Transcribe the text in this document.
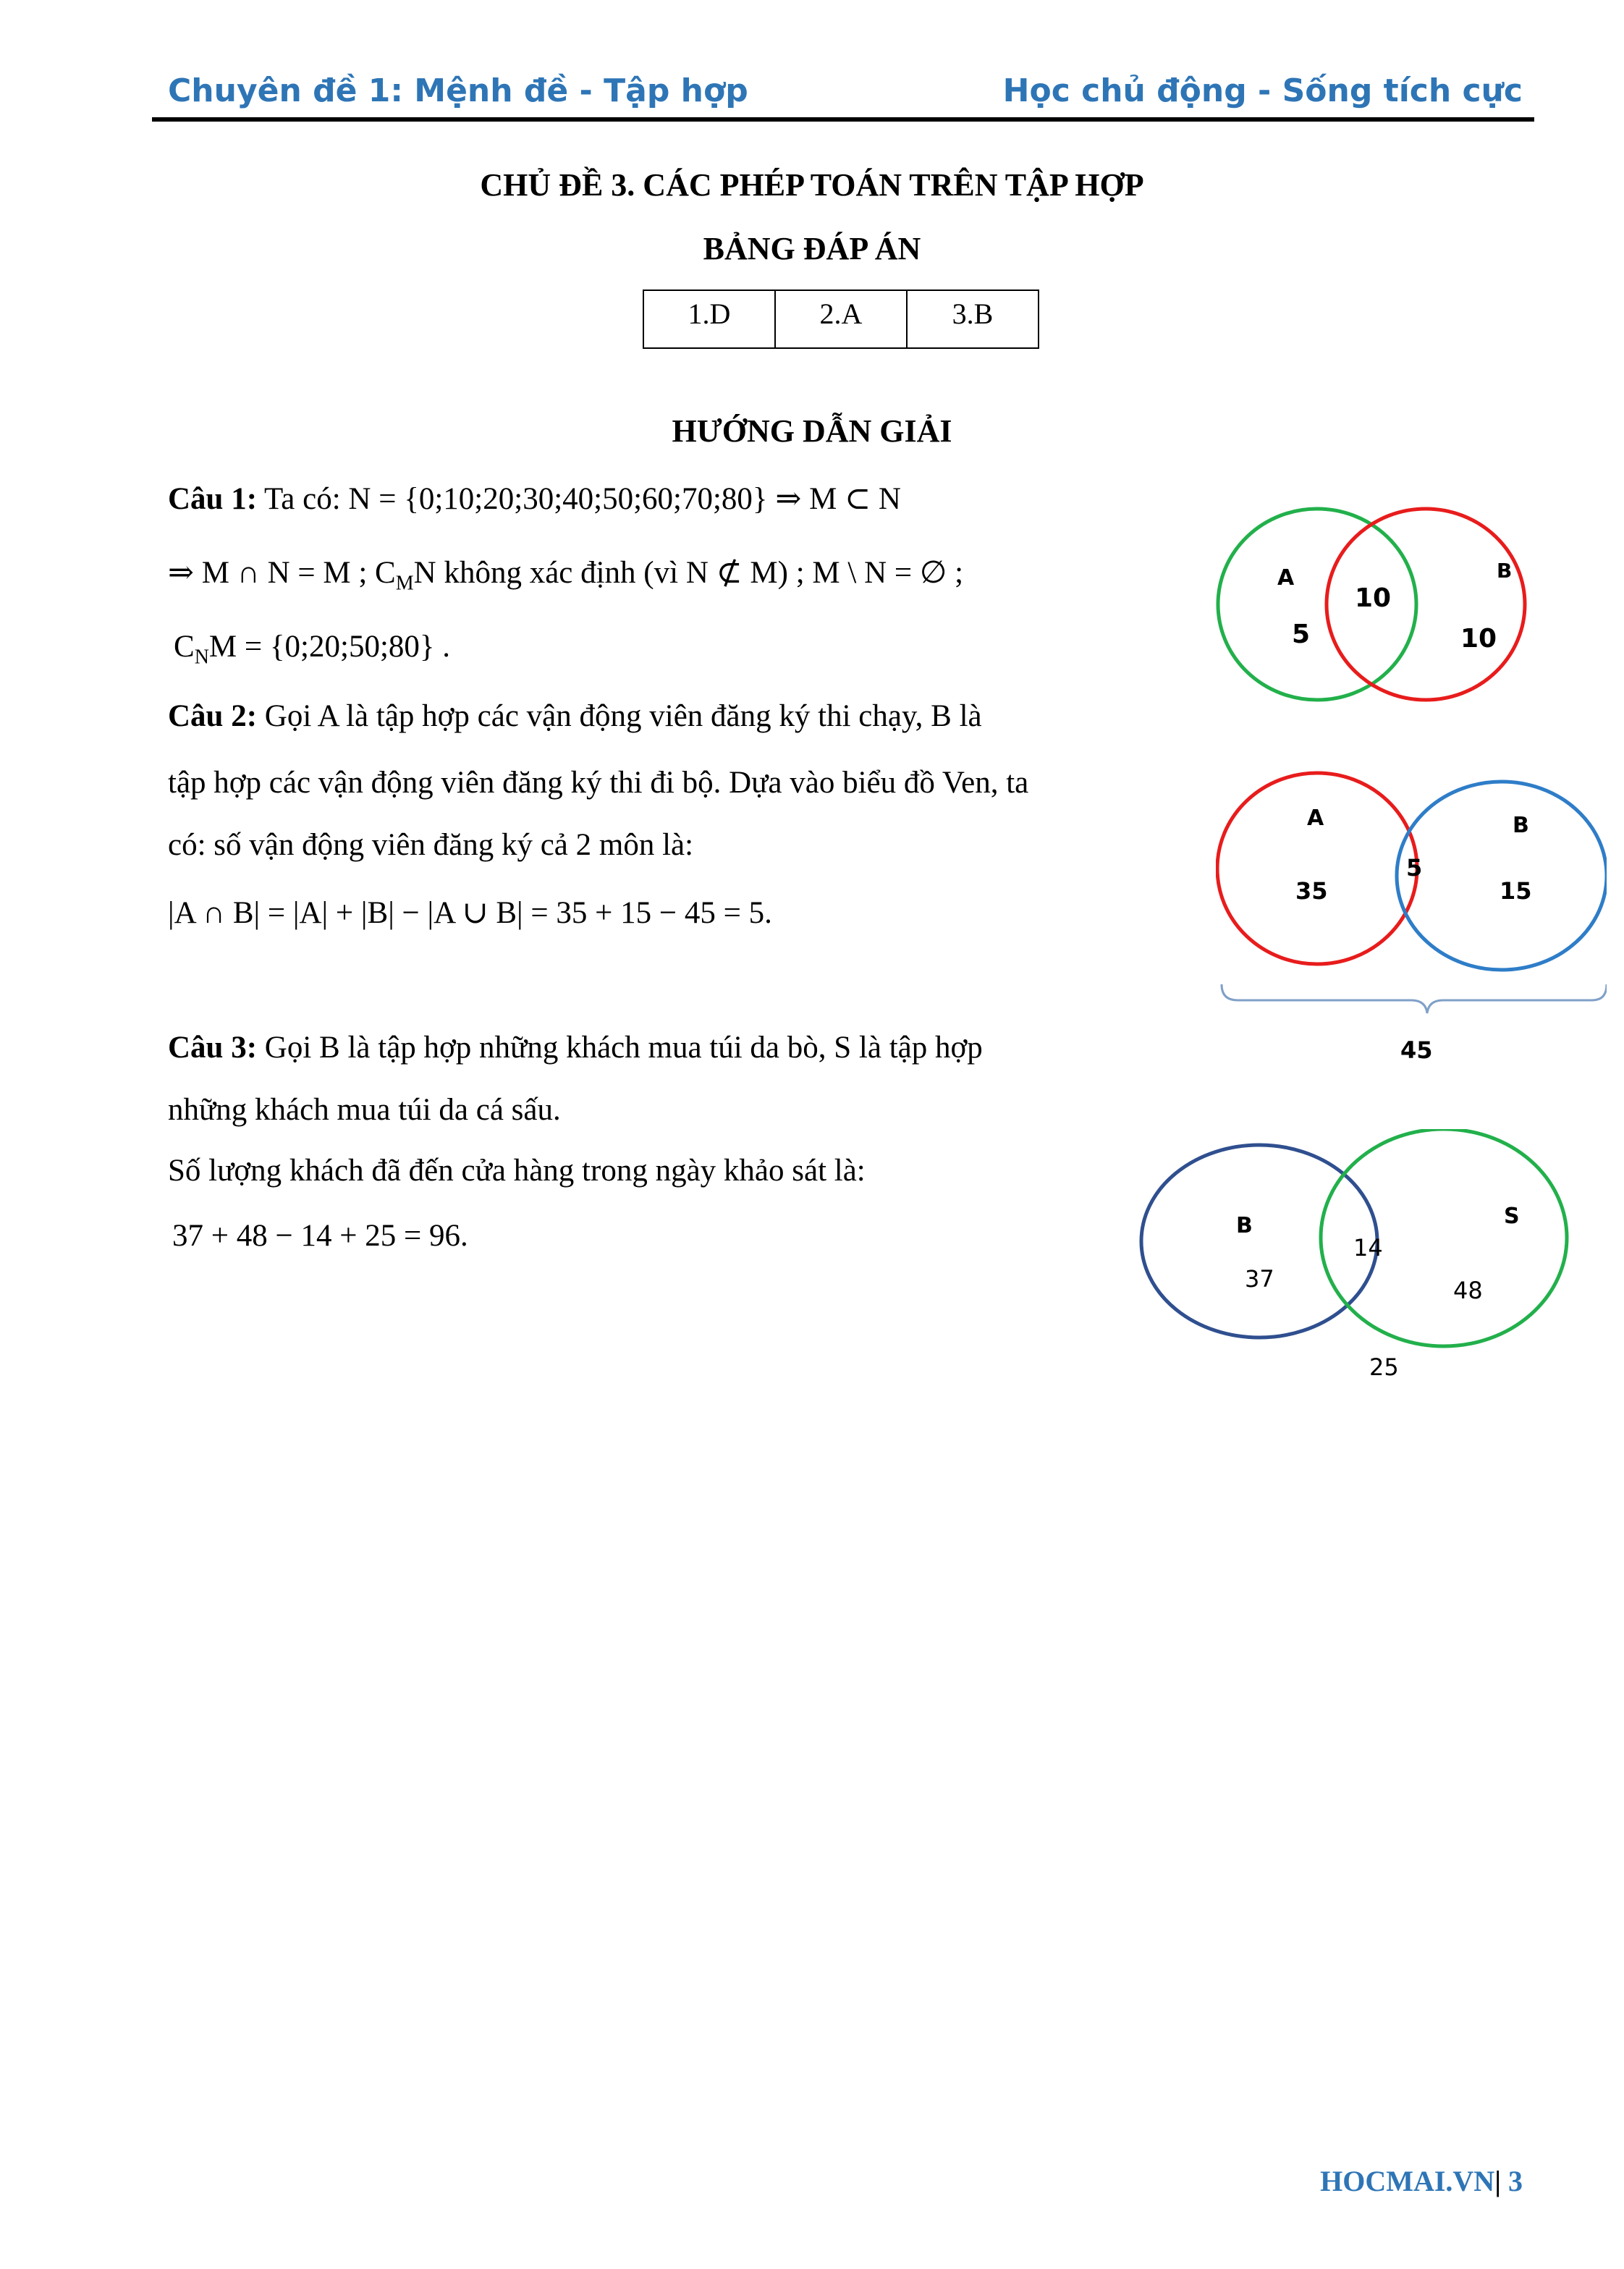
Chuyên đề 1: Mệnh đề - Tập hợp	Học chủ động - Sống tích cực
CHỦ ĐỀ 3. CÁC PHÉP TOÁN TRÊN TẬP HỢP
BẢNG ĐÁP ÁN
1.D	2.A	3.B
HƯỚNG DẪN GIẢI
Câu 1: Ta có: N = {0;10;20;30;40;50;60;70;80} ⇒ M ⊂ N
⇒ M ∩ N = M ; $C_MN$ không xác định (vì N ⊄ M) ; M \ N = ∅ ;
$C_NM$ = {0;20;50;80} .
Câu 2: Gọi A là tập hợp các vận động viên đăng ký thi chạy, B là
tập hợp các vận động viên đăng ký thi đi bộ. Dựa vào biểu đồ Ven, ta
có: số vận động viên đăng ký cả 2 môn là:
|A ∩ B| = |A| + |B| − |A ∪ B| = 35 + 15 − 45 = 5.
Câu 3: Gọi B là tập hợp những khách mua túi da bò, S là tập hợp
những khách mua túi da cá sấu.
Số lượng khách đã đến cửa hàng trong ngày khảo sát là:
37 + 48 − 14 + 25 = 96.
A	B
5
10
10
A	B
35
5
15
45
B	S
37
14
48
25
HOCMAI.VN| 3
